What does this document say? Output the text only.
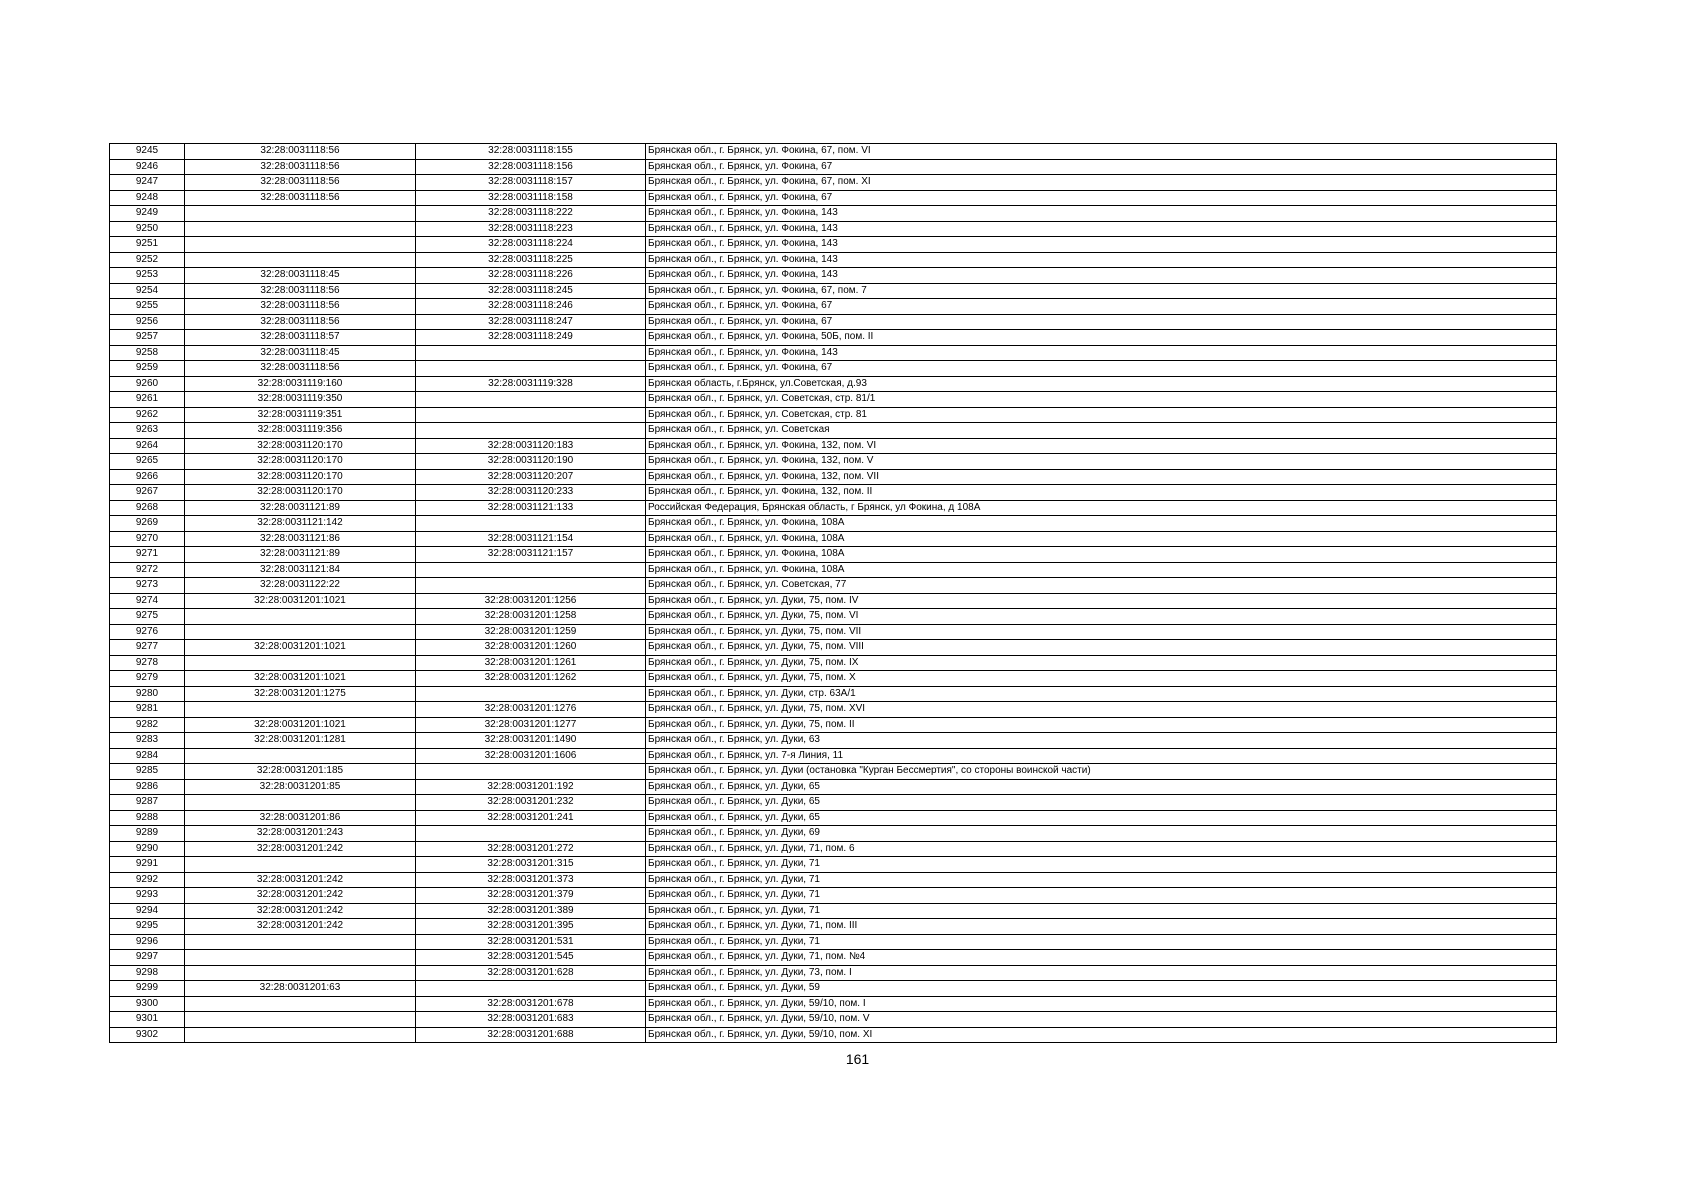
9245	32:28:0031118:56	32:28:0031118:155	Брянская обл., г. Брянск, ул. Фокина, 67, пом. VI
9246	32:28:0031118:56	32:28:0031118:156	Брянская обл., г. Брянск, ул. Фокина, 67
9247	32:28:0031118:56	32:28:0031118:157	Брянская обл., г. Брянск, ул. Фокина, 67, пом. XI
9248	32:28:0031118:56	32:28:0031118:158	Брянская обл., г. Брянск, ул. Фокина, 67
9249		32:28:0031118:222	Брянская обл., г. Брянск, ул. Фокина, 143
9250		32:28:0031118:223	Брянская обл., г. Брянск, ул. Фокина, 143
9251		32:28:0031118:224	Брянская обл., г. Брянск, ул. Фокина, 143
9252		32:28:0031118:225	Брянская обл., г. Брянск, ул. Фокина, 143
9253	32:28:0031118:45	32:28:0031118:226	Брянская обл., г. Брянск, ул. Фокина, 143
9254	32:28:0031118:56	32:28:0031118:245	Брянская обл., г. Брянск, ул. Фокина, 67, пом. 7
9255	32:28:0031118:56	32:28:0031118:246	Брянская обл., г. Брянск, ул. Фокина, 67
9256	32:28:0031118:56	32:28:0031118:247	Брянская обл., г. Брянск, ул. Фокина, 67
9257	32:28:0031118:57	32:28:0031118:249	Брянская обл., г. Брянск, ул. Фокина, 50Б, пом. II
9258	32:28:0031118:45		Брянская обл., г. Брянск, ул. Фокина, 143
9259	32:28:0031118:56		Брянская обл., г. Брянск, ул. Фокина, 67
9260	32:28:0031119:160	32:28:0031119:328	Брянская область, г.Брянск, ул.Советская, д.93
9261	32:28:0031119:350		Брянская обл., г. Брянск, ул. Советская, стр. 81/1
9262	32:28:0031119:351		Брянская обл., г. Брянск, ул. Советская, стр. 81
9263	32:28:0031119:356		Брянская обл., г. Брянск, ул. Советская
9264	32:28:0031120:170	32:28:0031120:183	Брянская обл., г. Брянск, ул. Фокина, 132, пом. VI
9265	32:28:0031120:170	32:28:0031120:190	Брянская обл., г. Брянск, ул. Фокина, 132, пом. V
9266	32:28:0031120:170	32:28:0031120:207	Брянская обл., г. Брянск, ул. Фокина, 132, пом. VII
9267	32:28:0031120:170	32:28:0031120:233	Брянская обл., г. Брянск, ул. Фокина, 132, пом. II
9268	32:28:0031121:89	32:28:0031121:133	Российская Федерация, Брянская область, г Брянск, ул Фокина, д 108А
9269	32:28:0031121:142		Брянская обл., г. Брянск, ул. Фокина, 108А
9270	32:28:0031121:86	32:28:0031121:154	Брянская обл., г. Брянск, ул. Фокина, 108А
9271	32:28:0031121:89	32:28:0031121:157	Брянская обл., г. Брянск, ул. Фокина, 108А
9272	32:28:0031121:84		Брянская обл., г. Брянск, ул. Фокина, 108А
9273	32:28:0031122:22		Брянская обл., г. Брянск, ул. Советская, 77
9274	32:28:0031201:1021	32:28:0031201:1256	Брянская обл., г. Брянск, ул. Дуки, 75, пом. IV
9275		32:28:0031201:1258	Брянская обл., г. Брянск, ул. Дуки, 75, пом. VI
9276		32:28:0031201:1259	Брянская обл., г. Брянск, ул. Дуки, 75, пом. VII
9277	32:28:0031201:1021	32:28:0031201:1260	Брянская обл., г. Брянск, ул. Дуки, 75, пом. VIII
9278		32:28:0031201:1261	Брянская обл., г. Брянск, ул. Дуки, 75, пом. IX
9279	32:28:0031201:1021	32:28:0031201:1262	Брянская обл., г. Брянск, ул. Дуки, 75, пом. X
9280	32:28:0031201:1275		Брянская обл., г. Брянск, ул. Дуки, стр. 63А/1
9281		32:28:0031201:1276	Брянская обл., г. Брянск, ул. Дуки, 75, пом. XVI
9282	32:28:0031201:1021	32:28:0031201:1277	Брянская обл., г. Брянск, ул. Дуки, 75, пом. II
9283	32:28:0031201:1281	32:28:0031201:1490	Брянская обл., г. Брянск, ул. Дуки, 63
9284		32:28:0031201:1606	Брянская обл., г. Брянск, ул. 7-я Линия, 11
9285	32:28:0031201:185		Брянская обл., г. Брянск, ул. Дуки (остановка "Курган Бессмертия", со стороны воинской части)
9286	32:28:0031201:85	32:28:0031201:192	Брянская обл., г. Брянск, ул. Дуки, 65
9287		32:28:0031201:232	Брянская обл., г. Брянск, ул. Дуки, 65
9288	32:28:0031201:86	32:28:0031201:241	Брянская обл., г. Брянск, ул. Дуки, 65
9289	32:28:0031201:243		Брянская обл., г. Брянск, ул. Дуки, 69
9290	32:28:0031201:242	32:28:0031201:272	Брянская обл., г. Брянск, ул. Дуки, 71, пом. 6
9291		32:28:0031201:315	Брянская обл., г. Брянск, ул. Дуки, 71
9292	32:28:0031201:242	32:28:0031201:373	Брянская обл., г. Брянск, ул. Дуки, 71
9293	32:28:0031201:242	32:28:0031201:379	Брянская обл., г. Брянск, ул. Дуки, 71
9294	32:28:0031201:242	32:28:0031201:389	Брянская обл., г. Брянск, ул. Дуки, 71
9295	32:28:0031201:242	32:28:0031201:395	Брянская обл., г. Брянск, ул. Дуки, 71, пом. III
9296		32:28:0031201:531	Брянская обл., г. Брянск, ул. Дуки, 71
9297		32:28:0031201:545	Брянская обл., г. Брянск, ул. Дуки, 71, пом. №4
9298		32:28:0031201:628	Брянская обл., г. Брянск, ул. Дуки, 73, пом. I
9299	32:28:0031201:63		Брянская обл., г. Брянск, ул. Дуки, 59
9300		32:28:0031201:678	Брянская обл., г. Брянск, ул. Дуки, 59/10, пом. I
9301		32:28:0031201:683	Брянская обл., г. Брянск, ул. Дуки, 59/10, пом. V
9302		32:28:0031201:688	Брянская обл., г. Брянск, ул. Дуки, 59/10, пом. XI
161
